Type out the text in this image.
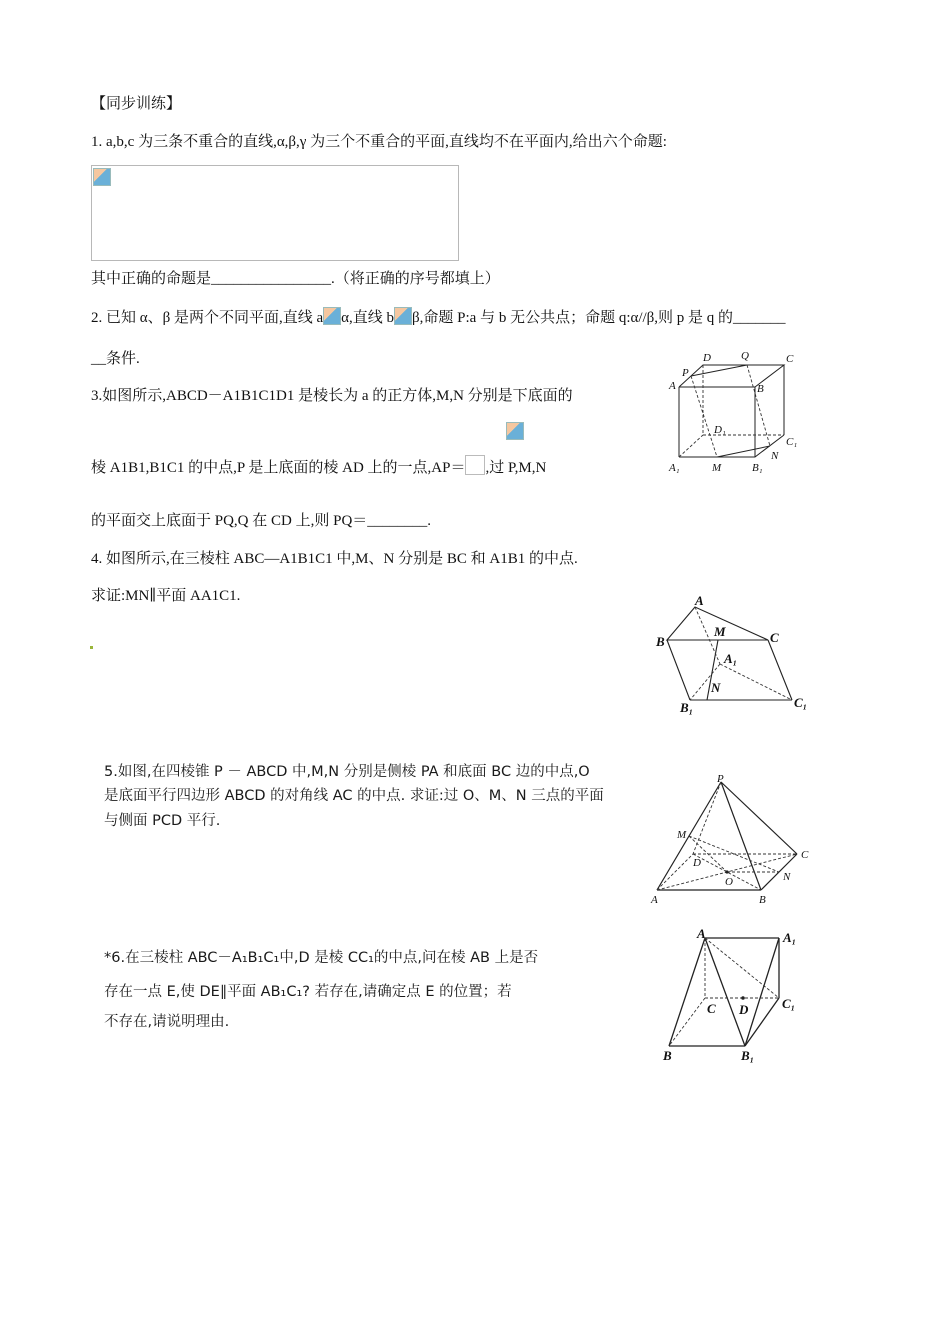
【同步训练】
1. a,b,c 为三条不重合的直线,α,β,γ 为三个不重合的平面,直线均不在平面内,给出六个命题:
其中正确的命题是________________.（将正确的序号都填上）
2. 已知 α、β 是两个不同平面,直线 a α,直线 b β,命题 P:a 与 b 无公共点；命题 q:α//β,则 p 是 q 的_______
__条件.
3.如图所示,ABCD－A1B1C1D1 是棱长为 a 的正方体,M,N 分别是下底面的
棱 A1B1,B1C1 的中点,P 是上底面的棱 AD 上的一点,AP＝ ,过 P,M,N
的平面交上底面于 PQ,Q 在 CD 上,则 PQ＝________.
D	Q	C
P
A	B
D₁
C₁
A₁	M	B₁
N
4. 如图所示,在三棱柱 ABC—A1B1C1 中,M、N 分别是 BC 和 A1B1 的中点.
求证:MN∥平面 AA1C1.	A
B
M	C
A₁
N
B₁	C₁
5.如图,在四棱锥 P － ABCD 中,M,N 分别是侧棱 PA 和底面 BC 边的中点,O
是底面平行四边形 ABCD 的对角线 AC 的中点. 求证:过 O、M、N 三点的平面
与侧面 PCD 平行.
P
M
D
C
O	N
A	B
*6.在三棱柱 ABC－A₁B₁C₁中,D 是棱 CC₁的中点,问在棱 AB 上是否
存在一点 E,使 DE∥平面 AB₁C₁? 若存在,请确定点 E 的位置；若
不存在,请说明理由.
A	A₁
C D	C₁
B	B₁
